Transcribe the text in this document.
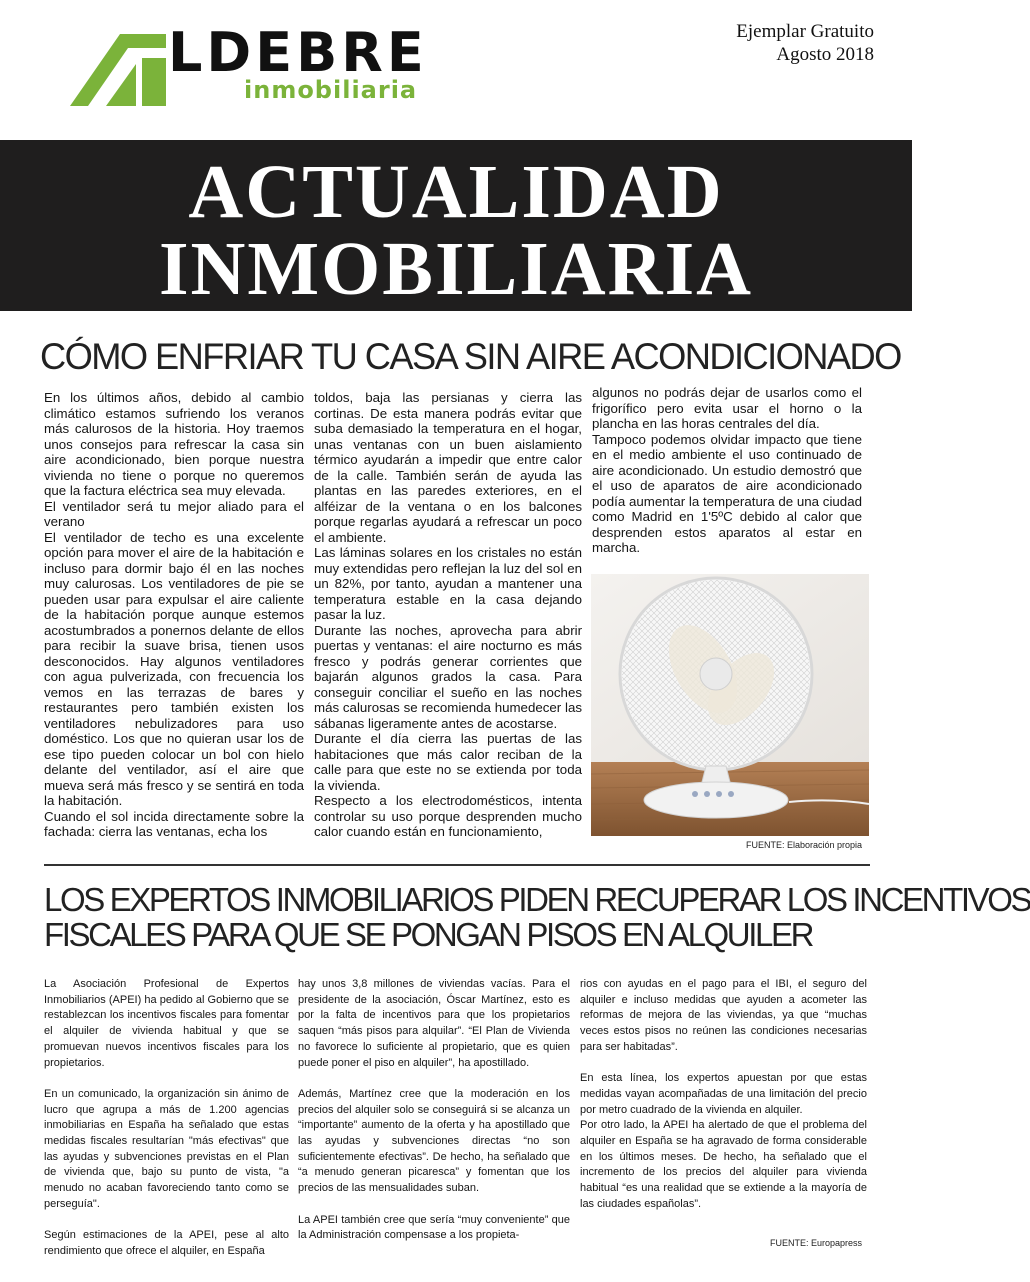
LDEBRE
inmobiliaria
Ejemplar Gratuito
Agosto 2018
ACTUALIDAD
INMOBILIARIA
CÓMO ENFRIAR TU CASA SIN AIRE ACONDICIONADO

En los últimos años, debido al cambio climático estamos sufriendo los veranos más calurosos de la historia. Hoy traemos unos consejos para refrescar la casa sin aire acondicionado, bien porque nuestra vivienda no tiene o porque no queremos que la factura eléctrica sea muy elevada.

El ventilador será tu mejor aliado para el verano

El ventilador de techo es una excelente opción para mover el aire de la habitación e incluso para dormir bajo él en las noches muy calurosas. Los ventiladores de pie se pueden usar para expulsar el aire caliente de la habitación porque aunque estemos acostumbrados a ponernos delante de ellos para recibir la suave brisa, tienen usos desconocidos. Hay algunos ventiladores con agua pulverizada, con frecuencia los vemos en las terrazas de bares y restaurantes pero también existen los ventiladores nebulizadores para uso doméstico. Los que no quieran usar los de ese tipo pueden colocar un bol con hielo delante del ventilador, así el aire que mueva será más fresco y se sentirá en toda la habitación.

Cuando el sol incida directamente sobre la fachada: cierra las ventanas, echa los

toldos, baja las persianas y cierra las cortinas. De esta manera podrás evitar que suba demasiado la temperatura en el hogar, unas ventanas con un buen aislamiento térmico ayudarán a impedir que entre calor de la calle. También serán de ayuda las plantas en las paredes exteriores, en el alféizar de la ventana o en los balcones porque regarlas ayudará a refrescar un poco el ambiente.

Las láminas solares en los cristales no están muy extendidas pero reflejan la luz del sol en un 82%, por tanto, ayudan a mantener una temperatura estable en la casa dejando pasar la luz.

Durante las noches, aprovecha para abrir puertas y ventanas: el aire nocturno es más fresco y podrás generar corrientes que bajarán algunos grados la casa. Para conseguir conciliar el sueño en las noches más calurosas se recomienda humedecer las sábanas ligeramente antes de acostarse.

Durante el día cierra las puertas de las habitaciones que más calor reciban de la calle para que este no se extienda por toda la vivienda.

Respecto a los electrodomésticos, intenta controlar su uso porque desprenden mucho calor cuando están en funcionamiento,

algunos no podrás dejar de usarlos como el frigorífico pero evita usar el horno o la plancha en las horas centrales del día.

Tampoco podemos olvidar impacto que tiene en el medio ambiente el uso continuado de aire acondicionado. Un estudio demostró que el uso de aparatos de aire acondicionado podía aumentar la temperatura de una ciudad como Madrid en 1'5ºC debido al calor que desprenden estos aparatos al estar en marcha.

FUENTE: Elaboración propia
LOS EXPERTOS INMOBILIARIOS PIDEN RECUPERAR LOS INCENTIVOS
FISCALES PARA QUE SE PONGAN PISOS EN ALQUILER

La Asociación Profesional de Expertos Inmobiliarios (APEI) ha pedido al Gobierno que se restablezcan los incentivos fiscales para fomentar el alquiler de vivienda habitual y que se promuevan nuevos incentivos fiscales para los propietarios.

En un comunicado, la organización sin ánimo de lucro que agrupa a más de 1.200 agencias inmobiliarias en España ha señalado que estas medidas fiscales resultarían "más efectivas" que las ayudas y subvenciones previstas en el Plan de vivienda que, bajo su punto de vista, "a menudo no acaban favoreciendo tanto como se perseguía".

Según estimaciones de la APEI, pese al alto rendimiento que ofrece el alquiler, en España

hay unos 3,8 millones de viviendas vacías. Para el presidente de la asociación, Óscar Martínez, esto es por la falta de incentivos para que los propietarios saquen “más pisos para alquilar”. “El Plan de Vivienda no favorece lo suficiente al propietario, que es quien puede poner el piso en alquiler”, ha apostillado.

Además, Martínez cree que la moderación en los precios del alquiler solo se conseguirá si se alcanza un “importante” aumento de la oferta y ha apostillado que las ayudas y subvenciones directas “no son suficientemente efectivas”. De hecho, ha señalado que “a menudo generan picaresca” y fomentan que los precios de las mensualidades suban.

La APEI también cree que sería “muy conveniente” que la Administración compensase a los propieta-

rios con ayudas en el pago para el IBI, el seguro del alquiler e incluso medidas que ayuden a acometer las reformas de mejora de las viviendas, ya que “muchas veces estos pisos no reúnen las condiciones necesarias para ser habitadas”.

En esta línea, los expertos apuestan por que estas medidas vayan acompañadas de una limitación del precio por metro cuadrado de la vivienda en alquiler.

Por otro lado, la APEI ha alertado de que el problema del alquiler en España se ha agravado de forma considerable en los últimos meses. De hecho, ha señalado que el incremento de los precios del alquiler para vivienda habitual “es una realidad que se extiende a la mayoría de las ciudades españolas”.

FUENTE: Europapress
